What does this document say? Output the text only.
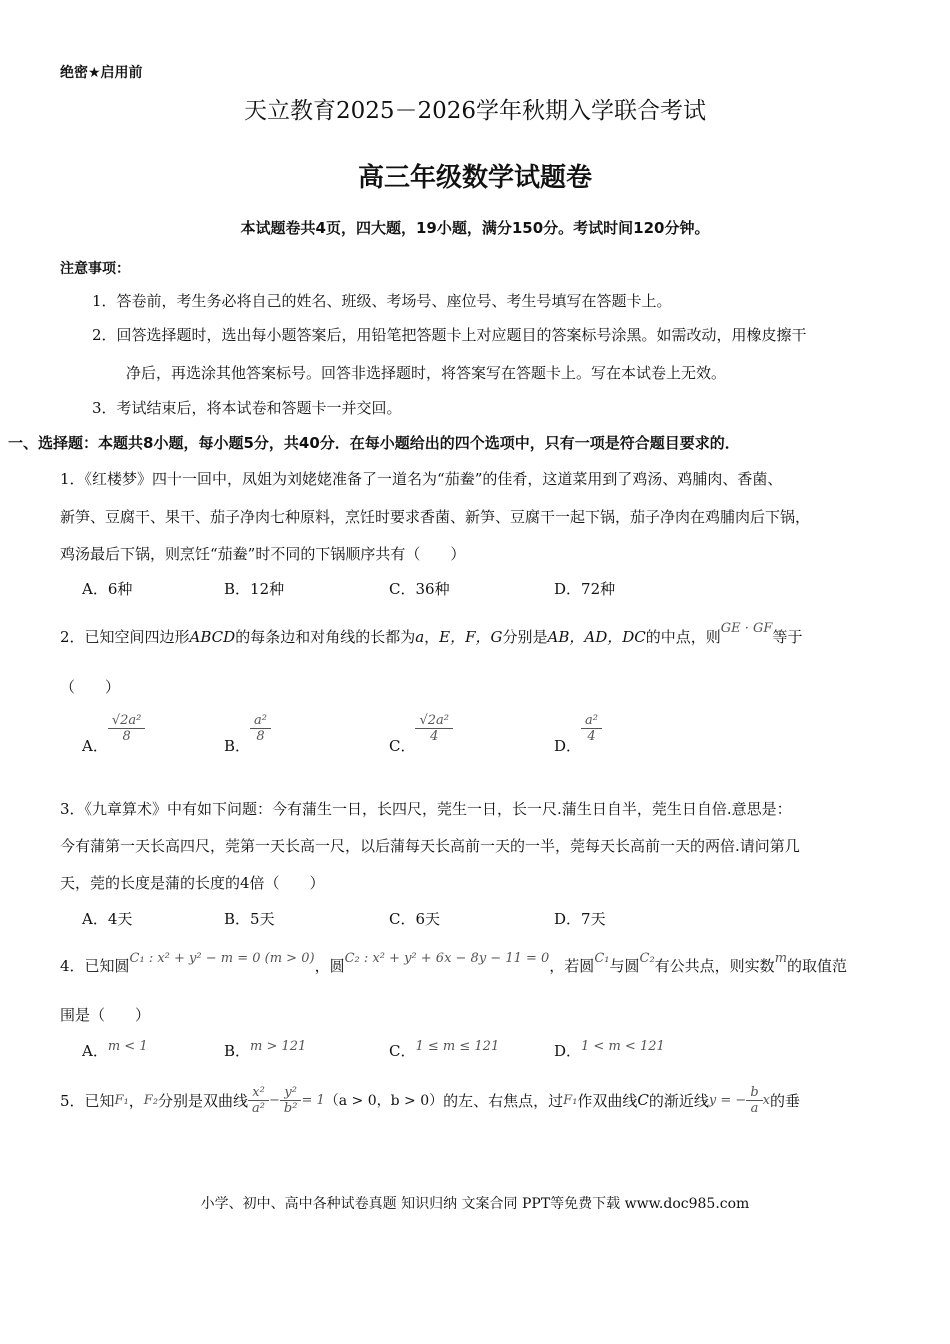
绝密★启用前
天立教育2025－2026学年秋期入学联合考试
高三年级数学试题卷
本试题卷共4页，四大题，19小题，满分150分。考试时间120分钟。
注意事项：
1．答卷前，考生务必将自己的姓名、班级、考场号、座位号、考生号填写在答题卡上。
2．回答选择题时，选出每小题答案后，用铅笔把答题卡上对应题目的答案标号涂黑。如需改动，用橡皮擦干
净后，再选涂其他答案标号。回答非选择题时，将答案写在答题卡上。写在本试卷上无效。
3．考试结束后，将本试卷和答题卡一并交回。
一、选择题：本题共8小题，每小题5分，共40分．在每小题给出的四个选项中，只有一项是符合题目要求的．
1．《红楼梦》四十一回中，凤姐为刘姥姥准备了一道名为“茄鲞”的佳肴，这道菜用到了鸡汤、鸡脯肉、香菌、
新笋、豆腐干、果干、茄子净肉七种原料，烹饪时要求香菌、新笋、豆腐干一起下锅，茄子净肉在鸡脯肉后下锅，
鸡汤最后下锅，则烹饪“茄鲞”时不同的下锅顺序共有（　　）
A．6种	B．12种	C．36种	D．72种
2．已知空间四边形ABCD的每条边和对角线的长都为a，E，F，G分别是AB，AD，DC的中点，则GE · GF等于
（　　）
A．
$\frac{\text{√2a²}}{8}$
B．
$\frac{\text{a²}}{8}$
C．
$\frac{\text{√2a²}}{4}$
D．
$\frac{\text{a²}}{4}$
3．《九章算术》中有如下问题：今有蒲生一日，长四尺，莞生一日，长一尺.蒲生日自半，莞生日自倍.意思是：
今有蒲第一天长高四尺，莞第一天长高一尺，以后蒲每天长高前一天的一半，莞每天长高前一天的两倍.请问第几
天，莞的长度是蒲的长度的4倍（　　）
A．4天	B．5天	C．6天	D．7天
4．已知圆C₁ : x² + y² − m = 0 (m > 0)，圆C₂ : x² + y² + 6x − 8y − 11 = 0，若圆C₁与圆C₂有公共点，则实数m的取值范
围是（　　）
A．m < 1	B．m > 121	C．1 ≤ m ≤ 121	D．1 < m < 121
5．已知 F₁ ， F₂ 分别是双曲线 $\frac{\text{x²}}{\text{a²}} - \frac{\text{y²}}{\text{b²}} = 1$ （a > 0，b > 0） 的左、右焦点，过 F₁ 作双曲线 C 的渐近线 y = − $\frac{b}{a}$ x 的垂
小学、初中、高中各种试卷真题 知识归纳 文案合同 PPT等免费下载 www.doc985.com
